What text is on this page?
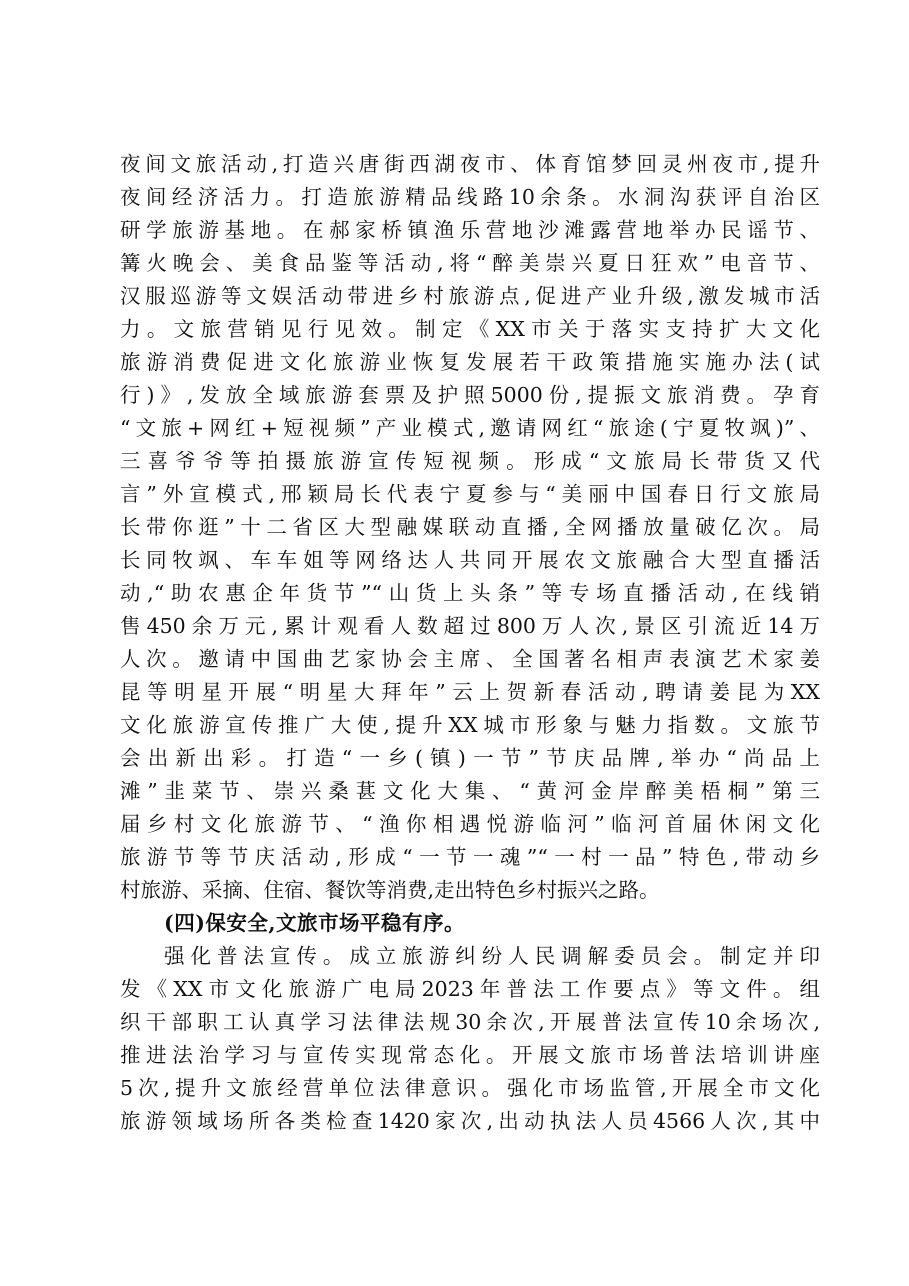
夜间文旅活动,打造兴唐街西湖夜市、体育馆梦回灵州夜市,提升
夜间经济活力。打造旅游精品线路10余条。水洞沟获评自治区
研学旅游基地。在郝家桥镇渔乐营地沙滩露营地举办民谣节、
篝火晚会、美食品鉴等活动,将“醉美崇兴夏日狂欢”电音节、
汉服巡游等文娱活动带进乡村旅游点,促进产业升级,激发城市活
力。文旅营销见行见效。制定《XX市关于落实支持扩大文化
旅游消费促进文化旅游业恢复发展若干政策措施实施办法(试
行)》,发放全域旅游套票及护照5000份,提振文旅消费。孕育
“文旅+网红+短视频”产业模式,邀请网红“旅途(宁夏牧飒)”、
三喜爷爷等拍摄旅游宣传短视频。形成“文旅局长带货又代
言”外宣模式,邢颖局长代表宁夏参与“美丽中国春日行文旅局
长带你逛”十二省区大型融媒联动直播,全网播放量破亿次。局
长同牧飒、车车姐等网络达人共同开展农文旅融合大型直播活
动,“助农惠企年货节”“山货上头条”等专场直播活动,在线销
售450余万元,累计观看人数超过800万人次,景区引流近14万
人次。邀请中国曲艺家协会主席、全国著名相声表演艺术家姜
昆等明星开展“明星大拜年”云上贺新春活动,聘请姜昆为XX
文化旅游宣传推广大使,提升XX城市形象与魅力指数。文旅节
会出新出彩。打造“一乡(镇)一节”节庆品牌,举办“尚品上
滩”韭菜节、崇兴桑葚文化大集、“黄河金岸醉美梧桐”第三
届乡村文化旅游节、“渔你相遇悦游临河”临河首届休闲文化
旅游节等节庆活动,形成“一节一魂”“一村一品”特色,带动乡
村旅游、采摘、住宿、餐饮等消费,走出特色乡村振兴之路。
(四)保安全,文旅市场平稳有序。
强化普法宣传。成立旅游纠纷人民调解委员会。制定并印
发《XX市文化旅游广电局2023年普法工作要点》等文件。组
织干部职工认真学习法律法规30余次,开展普法宣传10余场次,
推进法治学习与宣传实现常态化。开展文旅市场普法培训讲座
5次,提升文旅经营单位法律意识。强化市场监管,开展全市文化
旅游领域场所各类检查1420家次,出动执法人员4566人次,其中
